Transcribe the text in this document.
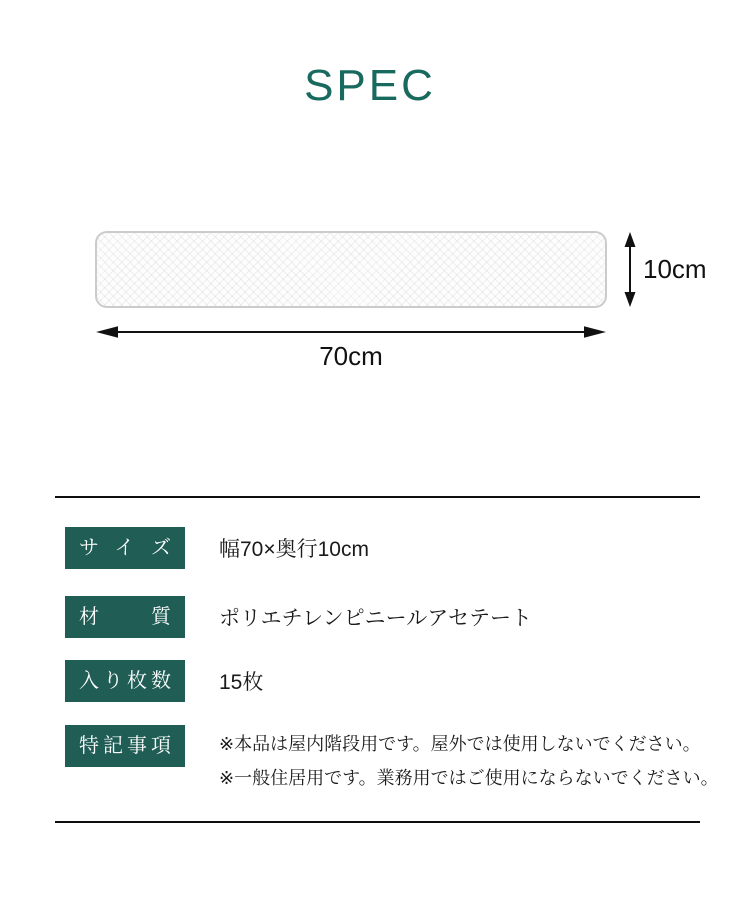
SPEC
10cm
70cm
サイズ	幅70×奥行10cm
材質	ポリエチレンピニールアセテート
入り枚数	15枚
特記事項	※本品は屋内階段用です。屋外では使用しないでください。
※一般住居用です。業務用ではご使用にならないでください。
